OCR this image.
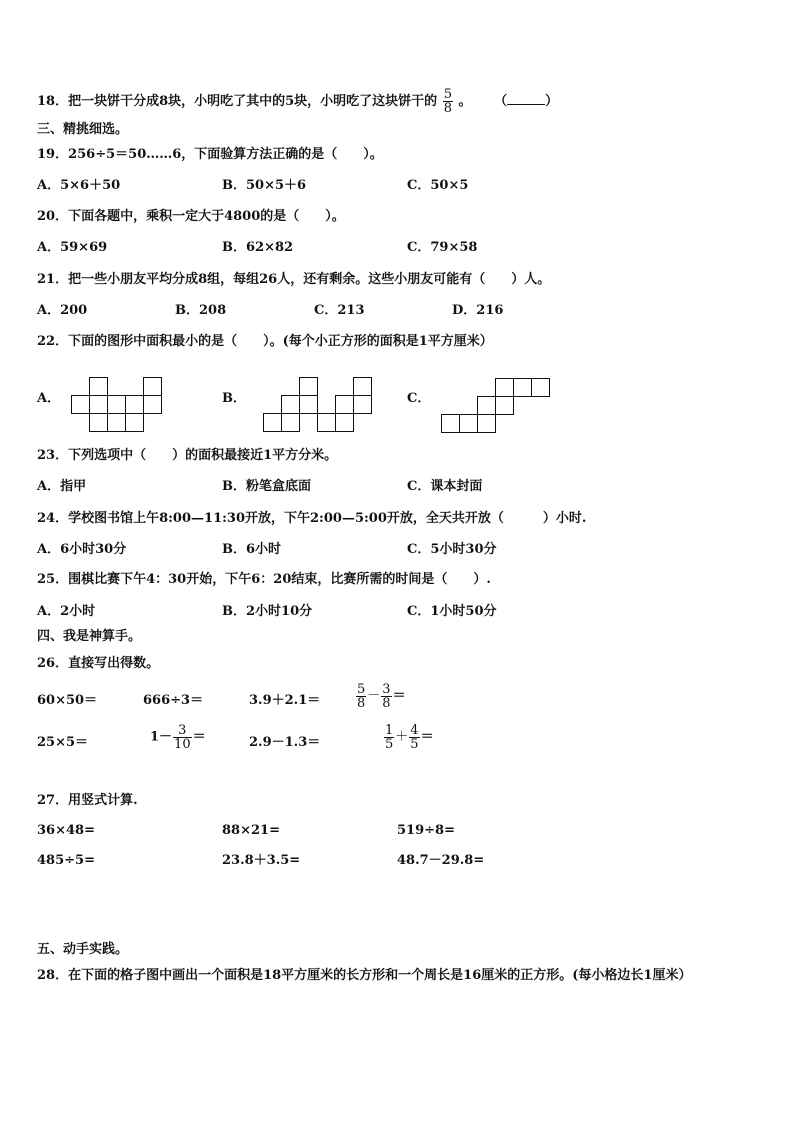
18．把一块饼干分成8块，小明吃了其中的5块，小明吃了这块饼干的 $\frac{5}{8}$ 。 （	）
三、精挑细选。
19．256÷5＝50……6，下面验算方法正确的是（　　）。
A．5×6＋50	B．50×5＋6	C．50×5
20．下面各题中，乘积一定大于4800的是（　　）。
A．59×69	B．62×82	C．79×58
21．把一些小朋友平均分成8组，每组26人，还有剩余。这些小朋友可能有（　　）人。
A．200	B．208	C．213	D．216
22．下面的图形中面积最小的是（　　）。(每个小正方形的面积是1平方厘米）
A．	B．	C．
23．下列选项中（　　）的面积最接近1平方分米。
A．指甲	B．粉笔盒底面	C．课本封面
24．学校图书馆上午8:00—11:30开放，下午2:00—5:00开放，全天共开放（　　　）小时.
A．6小时30分	B．6小时	C．5小时30分
25．围棋比赛下午4：30开始，下午6：20结束，比赛所需的时间是（　　）.
A．2小时	B．2小时10分	C．1小时50分
四、我是神算手。
26．直接写出得数。
60×50＝	666÷3＝	3.9＋2.1＝	$\frac{5}{8} - \frac{3}{8}$ ＝
25×5＝	$1- \frac{3}{10}$ ＝	2.9－1.3＝	$\frac{1}{5} + \frac{4}{5}$ ＝
27．用竖式计算.
36×48=	88×21=	519÷8=
485÷5=	23.8＋3.5=	48.7－29.8=
五、动手实践。
28．在下面的格子图中画出一个面积是18平方厘米的长方形和一个周长是16厘米的正方形。(每小格边长1厘米）
